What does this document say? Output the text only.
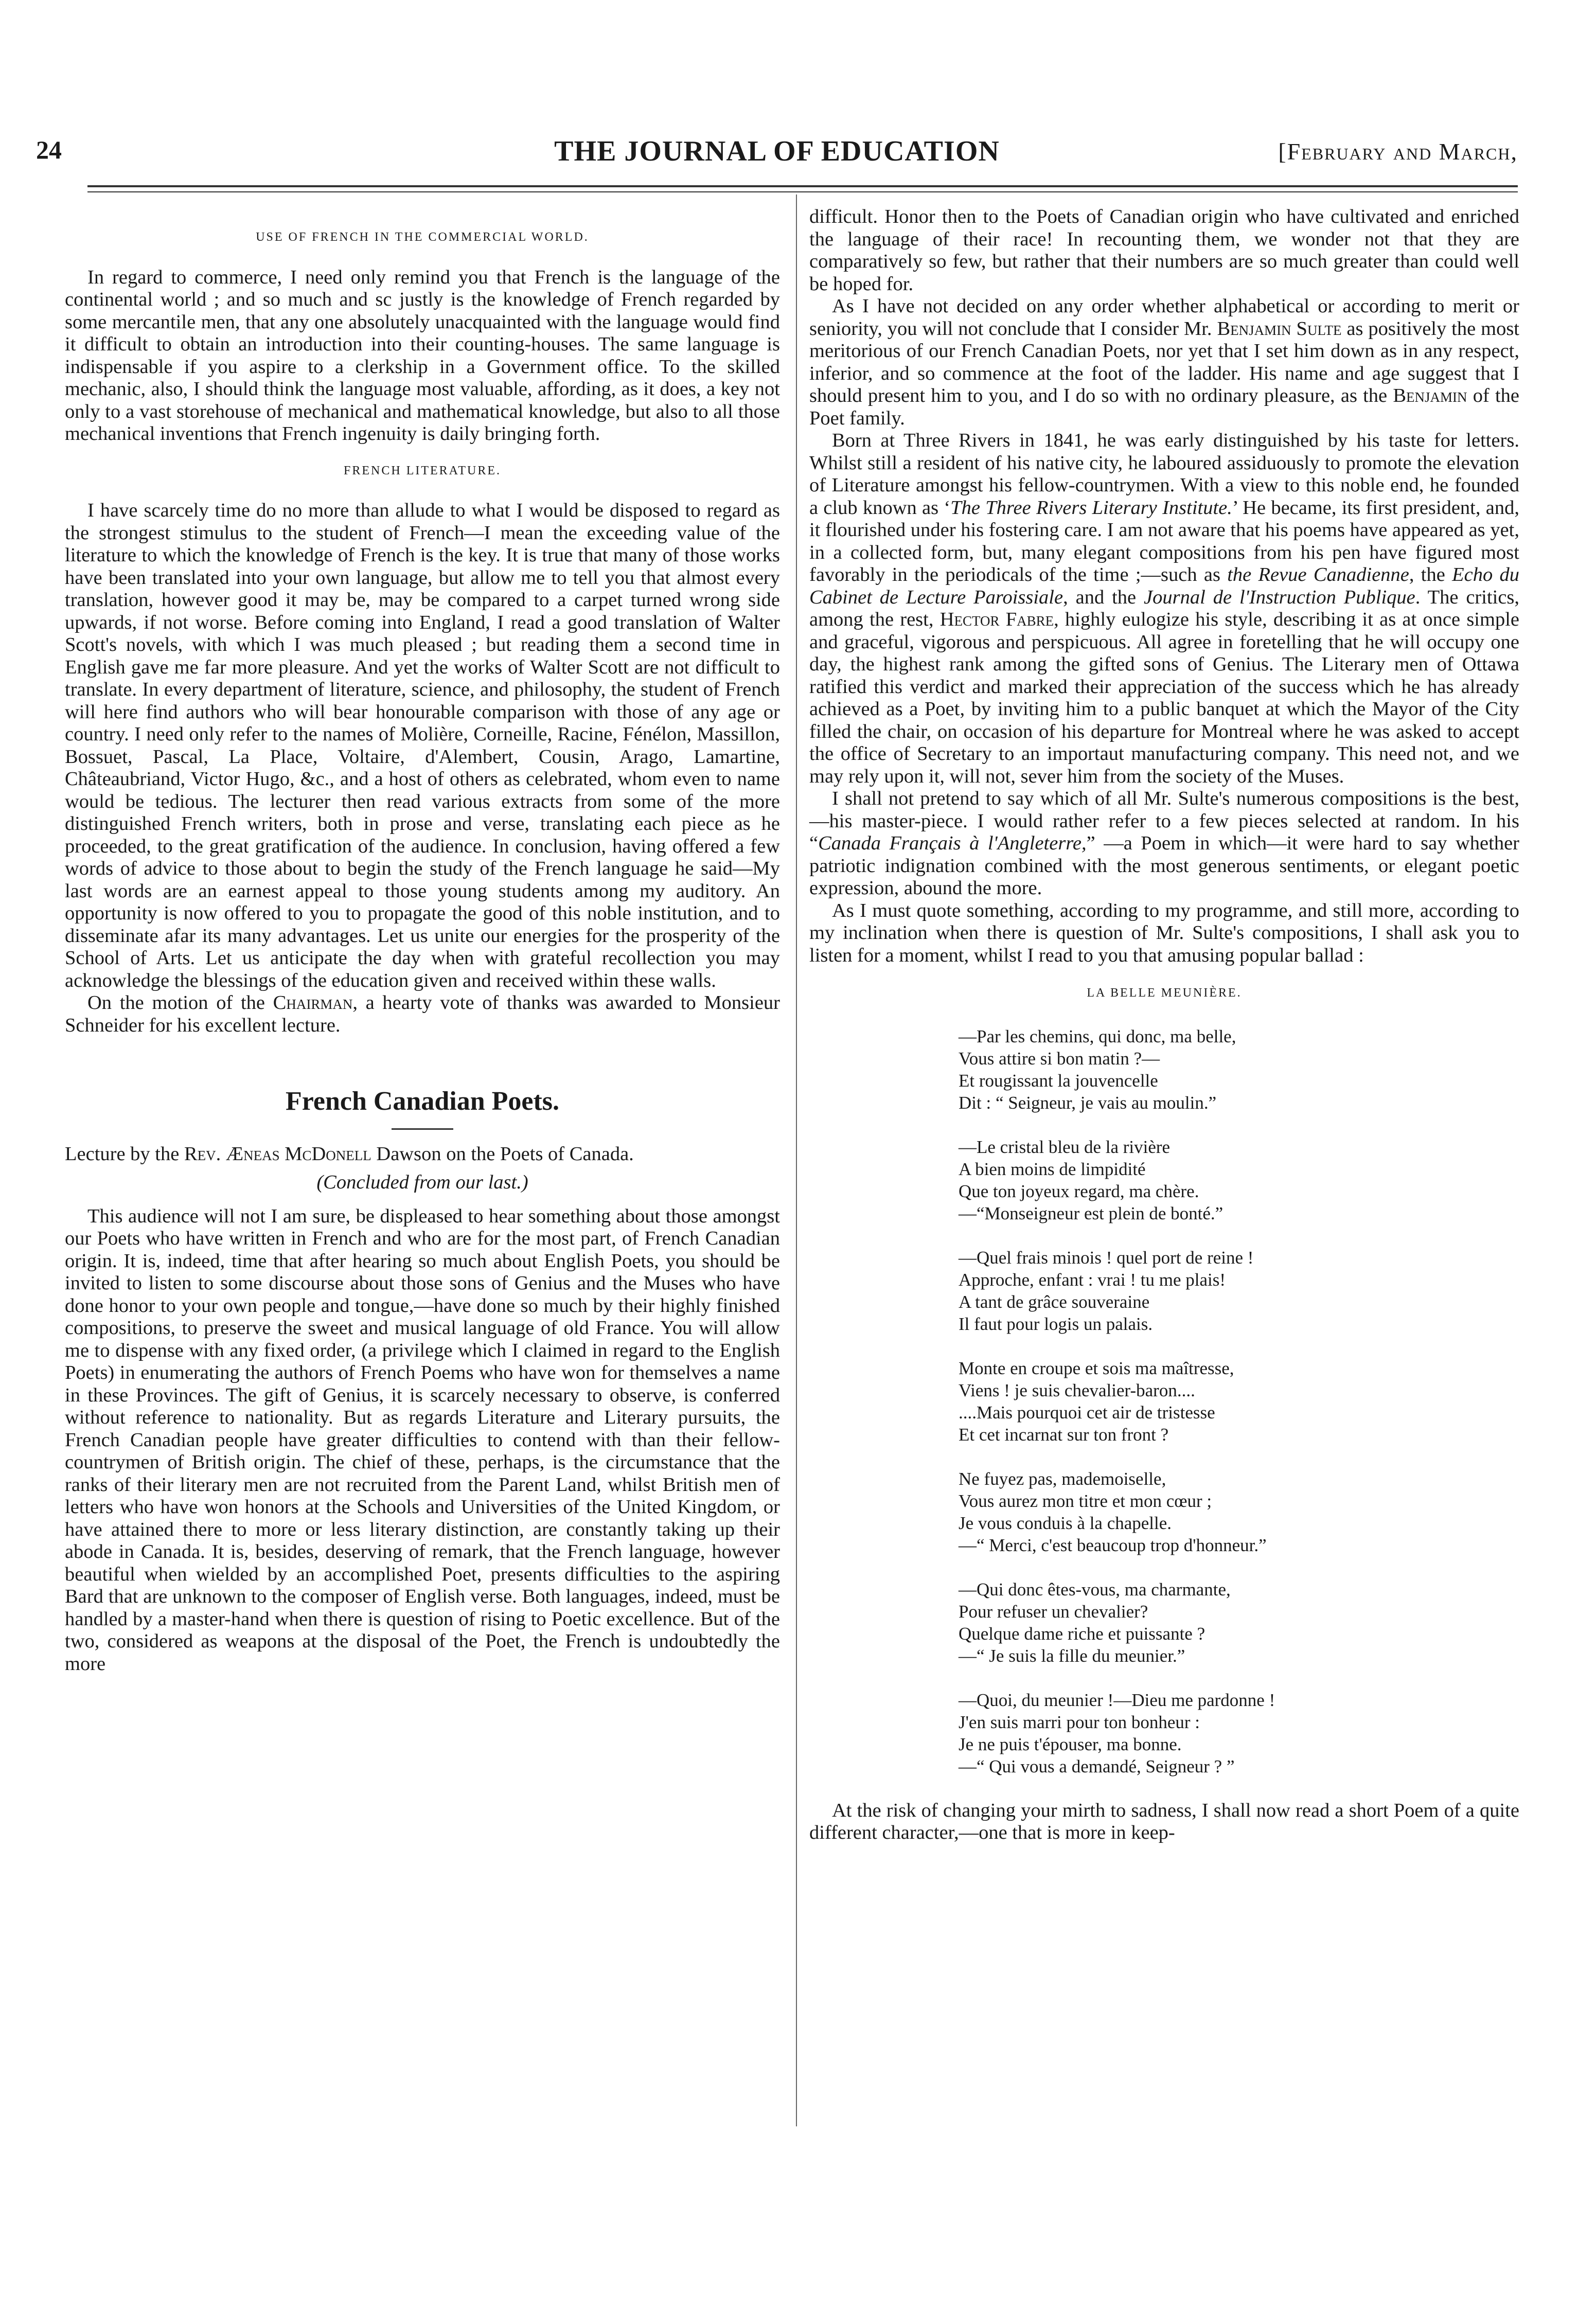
24	THE JOURNAL OF EDUCATION	[February and March,

USE OF FRENCH IN THE COMMERCIAL WORLD.

In regard to commerce, I need only remind you that French is the language of the continental world ; and so much and sc justly is the knowledge of French regarded by some mercantile men, that any one absolutely unacquainted with the language would find it difficult to obtain an introduction into their counting-houses. The same language is indispensable if you aspire to a clerkship in a Government office. To the skilled mechanic, also, I should think the language most valuable, affording, as it does, a key not only to a vast storehouse of mechanical and mathematical knowledge, but also to all those mechanical inventions that French ingenuity is daily bringing forth.

FRENCH LITERATURE.

I have scarcely time do no more than allude to what I would be disposed to regard as the strongest stimulus to the student of French—I mean the exceeding value of the literature to which the knowledge of French is the key. It is true that many of those works have been translated into your own language, but allow me to tell you that almost every translation, however good it may be, may be compared to a carpet turned wrong side upwards, if not worse. Before coming into England, I read a good translation of Walter Scott's novels, with which I was much pleased ; but reading them a second time in English gave me far more pleasure. And yet the works of Walter Scott are not difficult to translate. In every department of literature, science, and philosophy, the student of French will here find authors who will bear honourable comparison with those of any age or country. I need only refer to the names of Molière, Corneille, Racine, Fénélon, Massillon, Bossuet, Pascal, La Place, Voltaire, d'Alembert, Cousin, Arago, Lamartine, Châteaubriand, Victor Hugo, &c., and a host of others as celebrated, whom even to name would be tedious. The lecturer then read various extracts from some of the more distinguished French writers, both in prose and verse, translating each piece as he proceeded, to the great gratification of the audience. In conclusion, having offered a few words of advice to those about to begin the study of the French language he said—My last words are an earnest appeal to those young students among my auditory. An opportunity is now offered to you to propagate the good of this noble institution, and to disseminate afar its many advantages. Let us unite our energies for the prosperity of the School of Arts. Let us anticipate the day when with grateful recollection you may acknowledge the blessings of the education given and received within these walls.

On the motion of the Chairman, a hearty vote of thanks was awarded to Monsieur Schneider for his excellent lecture.

French Canadian Poets.

Lecture by the Rev. Æneas McDonell Dawson on the Poets of Canada.

(Concluded from our last.)

This audience will not I am sure, be displeased to hear something about those amongst our Poets who have written in French and who are for the most part, of French Canadian origin. It is, indeed, time that after hearing so much about English Poets, you should be invited to listen to some discourse about those sons of Genius and the Muses who have done honor to your own people and tongue,—have done so much by their highly finished compositions, to preserve the sweet and musical language of old France. You will allow me to dispense with any fixed order, (a privilege which I claimed in regard to the English Poets) in enumerating the authors of French Poems who have won for themselves a name in these Provinces. The gift of Genius, it is scarcely necessary to observe, is conferred without reference to nationality. But as regards Literature and Literary pursuits, the French Canadian people have greater difficulties to contend with than their fellow-countrymen of British origin. The chief of these, perhaps, is the circumstance that the ranks of their literary men are not recruited from the Parent Land, whilst British men of letters who have won honors at the Schools and Universities of the United Kingdom, or have attained there to more or less literary distinction, are constantly taking up their abode in Canada. It is, besides, deserving of remark, that the French language, however beautiful when wielded by an accomplished Poet, presents difficulties to the aspiring Bard that are unknown to the composer of English verse. Both languages, indeed, must be handled by a master-hand when there is question of rising to Poetic excellence. But of the two, considered as weapons at the disposal of the Poet, the French is undoubtedly the more

difficult. Honor then to the Poets of Canadian origin who have cultivated and enriched the language of their race! In recounting them, we wonder not that they are comparatively so few, but rather that their numbers are so much greater than could well be hoped for.

As I have not decided on any order whether alphabetical or according to merit or seniority, you will not conclude that I consider Mr. Benjamin Sulte as positively the most meritorious of our French Canadian Poets, nor yet that I set him down as in any respect, inferior, and so commence at the foot of the ladder. His name and age suggest that I should present him to you, and I do so with no ordinary pleasure, as the Benjamin of the Poet family.

Born at Three Rivers in 1841, he was early distinguished by his taste for letters. Whilst still a resident of his native city, he laboured assiduously to promote the elevation of Literature amongst his fellow-countrymen. With a view to this noble end, he founded a club known as ‘The Three Rivers Literary Institute.’ He became, its first president, and, it flourished under his fostering care. I am not aware that his poems have appeared as yet, in a collected form, but, many elegant compositions from his pen have figured most favorably in the periodicals of the time ;—such as the Revue Canadienne, the Echo du Cabinet de Lecture Paroissiale, and the Journal de l'Instruction Publique. The critics, among the rest, Hector Fabre, highly eulogize his style, describing it as at once simple and graceful, vigorous and perspicuous. All agree in foretelling that he will occupy one day, the highest rank among the gifted sons of Genius. The Literary men of Ottawa ratified this verdict and marked their appreciation of the success which he has already achieved as a Poet, by inviting him to a public banquet at which the Mayor of the City filled the chair, on occasion of his departure for Montreal where he was asked to accept the office of Secretary to an importaut manufacturing company. This need not, and we may rely upon it, will not, sever him from the society of the Muses.

I shall not pretend to say which of all Mr. Sulte's numerous compositions is the best,—his master-piece. I would rather refer to a few pieces selected at random. In his “Canada Français à l'Angleterre,” —a Poem in which—it were hard to say whether patriotic indignation combined with the most generous sentiments, or elegant poetic expression, abound the more.

As I must quote something, according to my programme, and still more, according to my inclination when there is question of Mr. Sulte's compositions, I shall ask you to listen for a moment, whilst I read to you that amusing popular ballad :

LA BELLE MEUNIÈRE.
—Par les chemins, qui donc, ma belle,
Vous attire si bon matin ?—
Et rougissant la jouvencelle
Dit : “ Seigneur, je vais au moulin.”
—Le cristal bleu de la rivière
A bien moins de limpidité
Que ton joyeux regard, ma chère.
—“Monseigneur est plein de bonté.”
—Quel frais minois ! quel port de reine !
Approche, enfant : vrai ! tu me plais!
A tant de grâce souveraine
Il faut pour logis un palais.
Monte en croupe et sois ma maîtresse,
Viens ! je suis chevalier-baron....
....Mais pourquoi cet air de tristesse
Et cet incarnat sur ton front ?
Ne fuyez pas, mademoiselle,
Vous aurez mon titre et mon cœur ;
Je vous conduis à la chapelle.
—“ Merci, c'est beaucoup trop d'honneur.”
—Qui donc êtes-vous, ma charmante,
Pour refuser un chevalier?
Quelque dame riche et puissante ?
—“ Je suis la fille du meunier.”
—Quoi, du meunier !—Dieu me pardonne !
J'en suis marri pour ton bonheur :
Je ne puis t'épouser, ma bonne.
—“ Qui vous a demandé, Seigneur ? ”

At the risk of changing your mirth to sadness, I shall now read a short Poem of a quite different character,—one that is more in keep-
